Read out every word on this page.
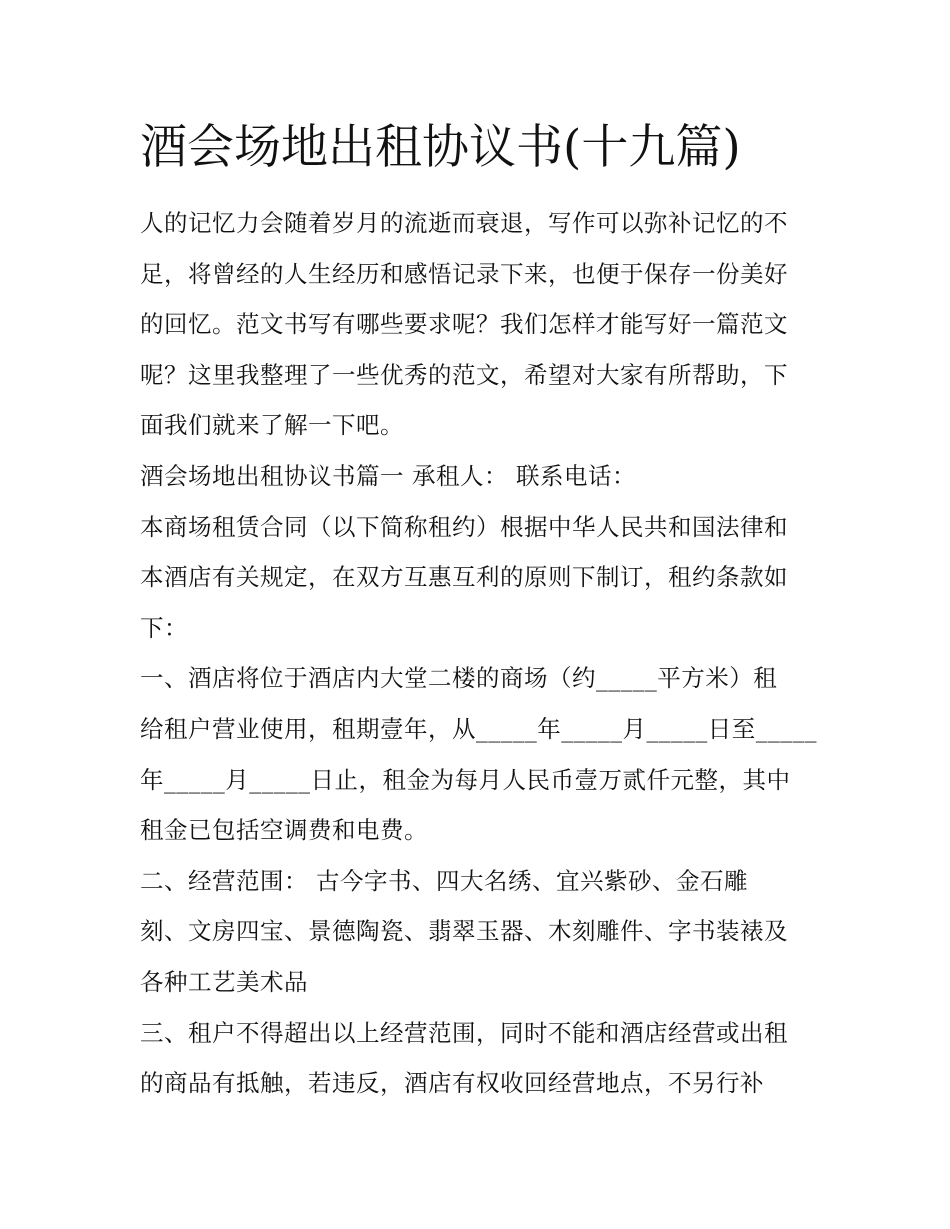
酒会场地出租协议书(十九篇)
人的记忆力会随着岁月的流逝而衰退，写作可以弥补记忆的不
足，将曾经的人生经历和感悟记录下来，也便于保存一份美好
的回忆。范文书写有哪些要求呢？我们怎样才能写好一篇范文
呢？这里我整理了一些优秀的范文，希望对大家有所帮助，下
面我们就来了解一下吧。
酒会场地出租协议书篇一 承租人： 联系电话：
本商场租赁合同（以下简称租约）根据中华人民共和国法律和
本酒店有关规定，在双方互惠互利的原则下制订，租约条款如
下：
一、酒店将位于酒店内大堂二楼的商场（约_____平方米）租
给租户营业使用，租期壹年，从_____年_____月_____日至_____
年_____月_____日止，租金为每月人民币壹万贰仟元整，其中
租金已包括空调费和电费。
二、经营范围： 古今字书、四大名绣、宜兴紫砂、金石雕
刻、文房四宝、景德陶瓷、翡翠玉器、木刻雕件、字书装裱及
各种工艺美术品
三、租户不得超出以上经营范围，同时不能和酒店经营或出租
的商品有抵触，若违反，酒店有权收回经营地点，不另行补
